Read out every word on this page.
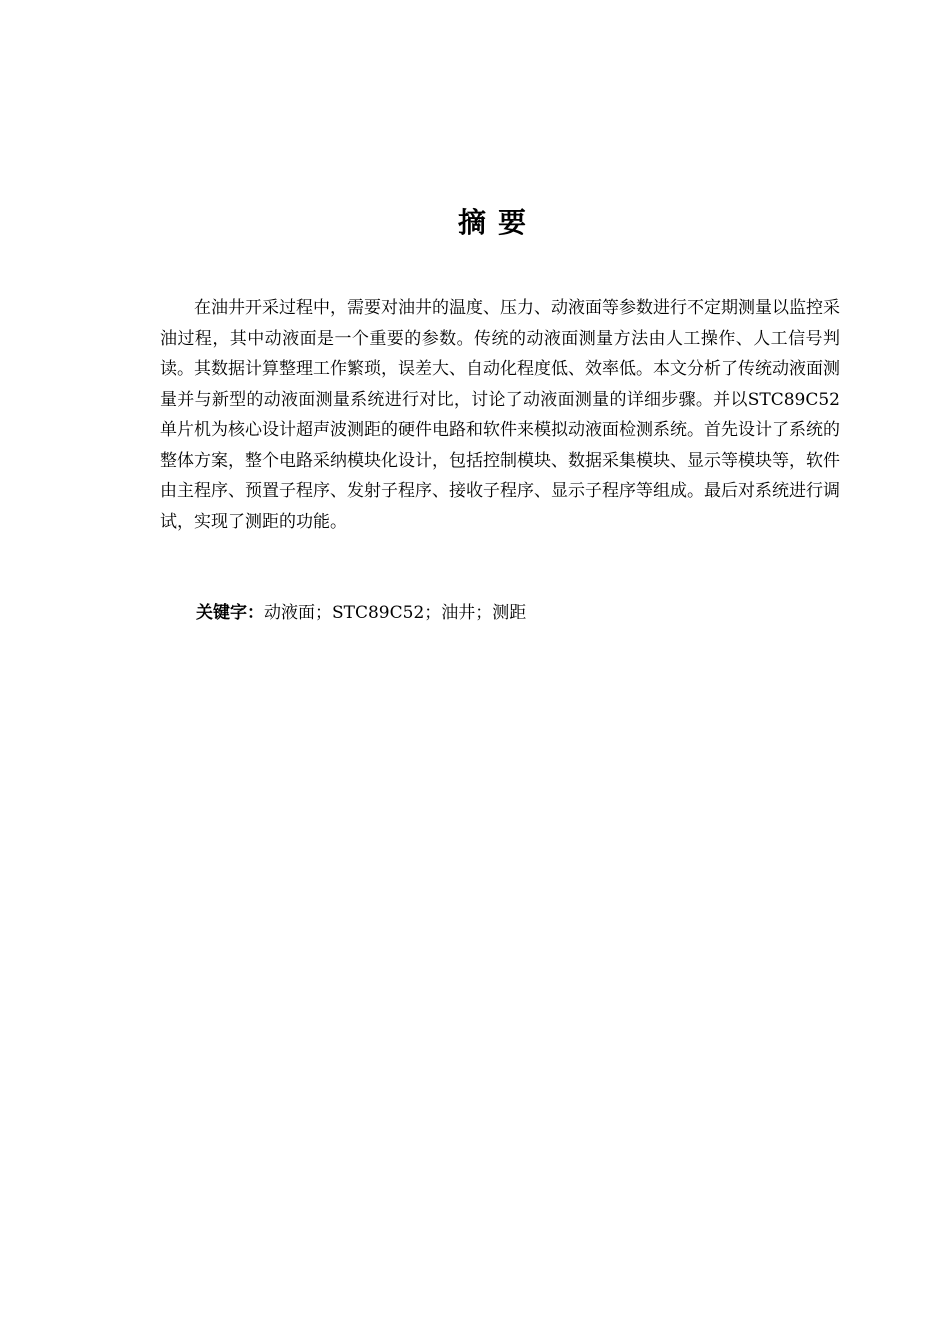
摘要

在油井开采过程中，需要对油井的温度、压力、动液面等参数进行不定期测量以监控采油过程，其中动液面是一个重要的参数。传统的动液面测量方法由人工操作、人工信号判读。其数据计算整理工作繁琐，误差大、自动化程度低、效率低。本文分析了传统动液面测量并与新型的动液面测量系统进行对比，讨论了动液面测量的详细步骤。并以STC89C52单片机为核心设计超声波测距的硬件电路和软件来模拟动液面检测系统。首先设计了系统的整体方案，整个电路采纳模块化设计，包括控制模块、数据采集模块、显示等模块等，软件由主程序、预置子程序、发射子程序、接收子程序、显示子程序等组成。最后对系统进行调试，实现了测距的功能。

关键字：动液面；STC89C52；油井；测距
